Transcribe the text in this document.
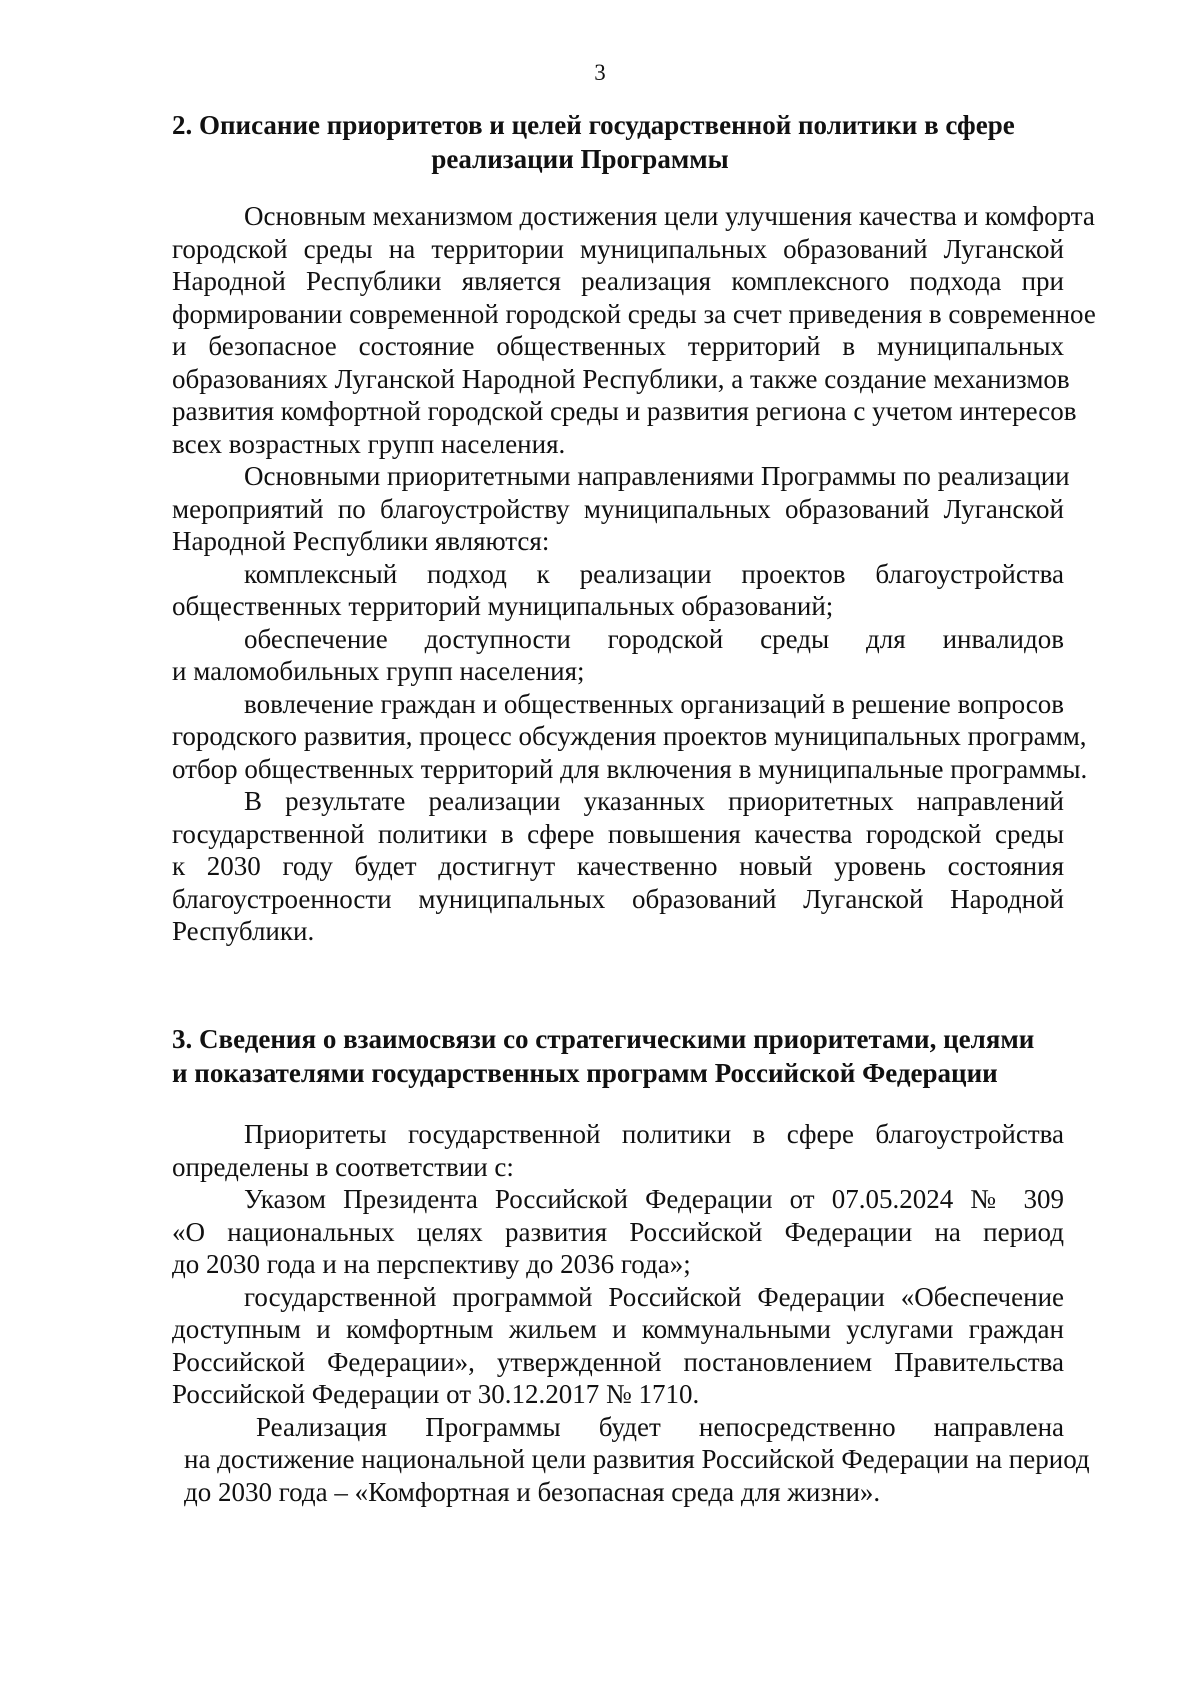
3
2. Описание приоритетов и целей государственной политики в сфере
реализации Программы

Основным механизмом достижения цели улучшения качества и комфорта
городской среды на территории муниципальных образований Луганской
Народной Республики является реализация комплексного подхода при
формировании современной городской среды за счет приведения в современное
и безопасное состояние общественных территорий в муниципальных
образованиях Луганской Народной Республики, а также создание механизмов
развития комфортной городской среды и развития региона с учетом интересов
всех возрастных групп населения.

Основными приоритетными направлениями Программы по реализации
мероприятий по благоустройству муниципальных образований Луганской
Народной Республики являются:

комплексный подход к реализации проектов благоустройства
общественных территорий муниципальных образований;

обеспечение доступности городской среды для инвалидов
и маломобильных групп населения;

вовлечение граждан и общественных организаций в решение вопросов
городского развития, процесс обсуждения проектов муниципальных программ,
отбор общественных территорий для включения в муниципальные программы.

В результате реализации указанных приоритетных направлений
государственной политики в сфере повышения качества городской среды
к 2030 году будет достигнут качественно новый уровень состояния
благоустроенности муниципальных образований Луганской Народной
Республики.

3. Сведения о взаимосвязи со стратегическими приоритетами, целями
и показателями государственных программ Российской Федерации

Приоритеты государственной политики в сфере благоустройства
определены в соответствии с:

Указом Президента Российской Федерации от 07.05.2024 № 309
«О национальных целях развития Российской Федерации на период
до 2030 года и на перспективу до 2036 года»;

государственной программой Российской Федерации «Обеспечение
доступным и комфортным жильем и коммунальными услугами граждан
Российской Федерации», утвержденной постановлением Правительства
Российской Федерации от 30.12.2017 № 1710.

Реализация Программы будет непосредственно направлена
на достижение национальной цели развития Российской Федерации на период
до 2030 года – «Комфортная и безопасная среда для жизни».
